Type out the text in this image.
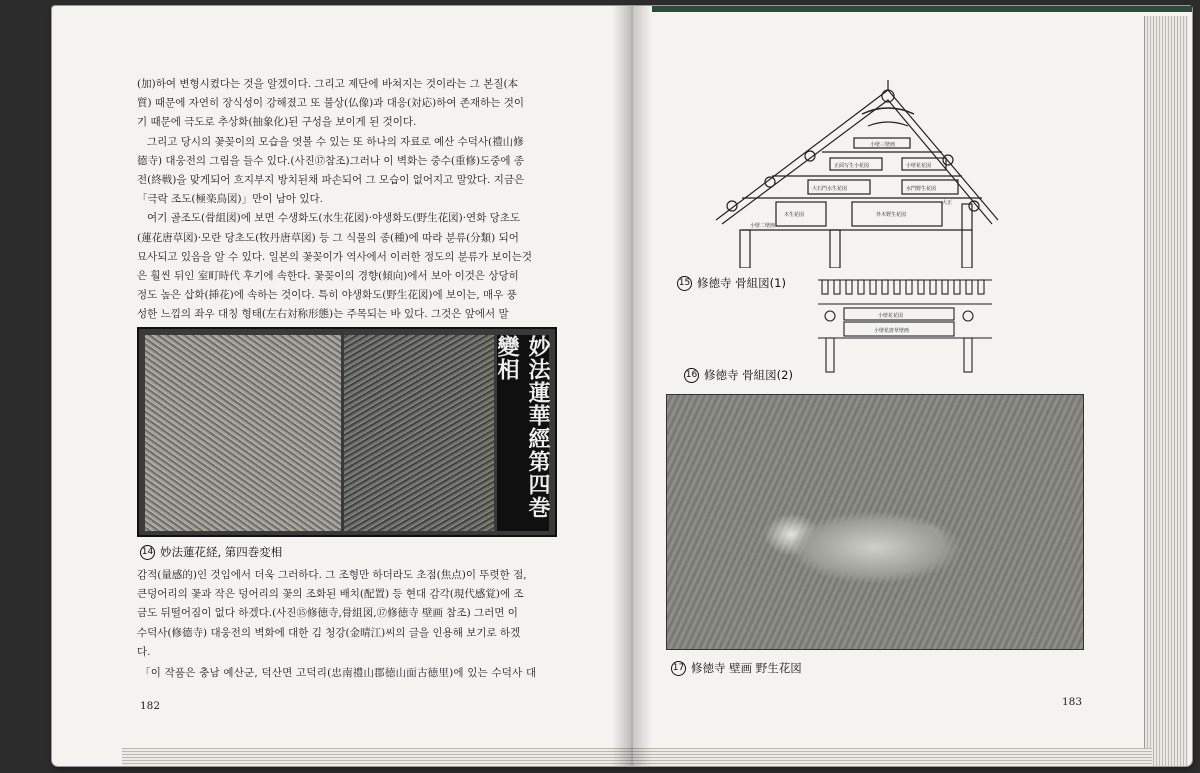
(加)하여 변형시켰다는 것을 알겠이다. 그리고 제단에 바쳐지는 것이라는 그 본질(本

質) 때문에 자연히 장식성이 강해졌고 또 불상(仏像)과 대응(対応)하여 존재하는 것이

기 때문에 극도로 추상화(抽象化)된 구성을 보이게 된 것이다.

그리고 당시의 꽃꽂이의 모습을 엿볼 수 있는 또 하나의 자료로 예산 수덕사(禮山修

德寺) 대웅전의 그림을 들수 있다.(사진⑰참조)그러나 이 벽화는 중수(重修)도중에 종

전(終戦)을 맞게되어 흐지부지 방치된채 파손되어 그 모습이 없어지고 말았다. 지금은

「극락 조도(極楽鳥図)」만이 남아 있다.

여기 골조도(骨組図)에 보면 수생화도(水生花図)·야생화도(野生花図)·연화 당초도

(蓮花唐草図)·모란 당초도(牧丹唐草図) 등 그 식물의 종(種)에 따라 분류(分類) 되어

묘사되고 있음을 알 수 있다. 일본의 꽃꽂이가 역사에서 이러한 정도의 분류가 보이는것

은 훨씬 뒤인 室町時代 후기에 속한다. 꽃꽂이의 경향(傾向)에서 보아 이것은 상당히

정도 높은 삽화(挿花)에 속하는 것이다. 특히 야생화도(野生花図)에 보이는, 매우 풍

성한 느낌의 좌우 대칭 형태(左右対称形態)는 주목되는 바 있다. 그것은 앞에서 말

妙法蓮華經第四巻變相
14 妙法蓮花経, 第四巻変相

감적(量感的)인 것임에서 더욱 그러하다. 그 조형만 하더라도 초점(焦点)이 뚜렷한 점,

큰덩어리의 꽃과 작은 덩어리의 꽃의 조화된 배치(配置) 등 현대 감각(現代感覚)에 조

금도 뒤떨어짐이 없다 하겠다.(사진⑮修徳寺,骨組図,⑰修徳寺 壁画 참조) 그러면 이

수덕사(修德寺) 대웅전의 벽화에 대한 김 청강(金晴江)씨의 글을 인용해 보기로 하겠

다.

「이 작품은 충남 예산군, 덕산면 고덕리(忠南禮山郡徳山面古徳里)에 있는 수덕사 대
182
小壁三壁画
正面写生小花図
大石門水生花図	水門野生花図
木生花図	外木野生花図
小壁花花図
小壁二壁画
大正
15 修徳寺 骨組図(1)
小壁花花図
小壁花唐草壁画
16 修徳寺 骨組図(2)
17 修徳寺 壁画 野生花図
183
